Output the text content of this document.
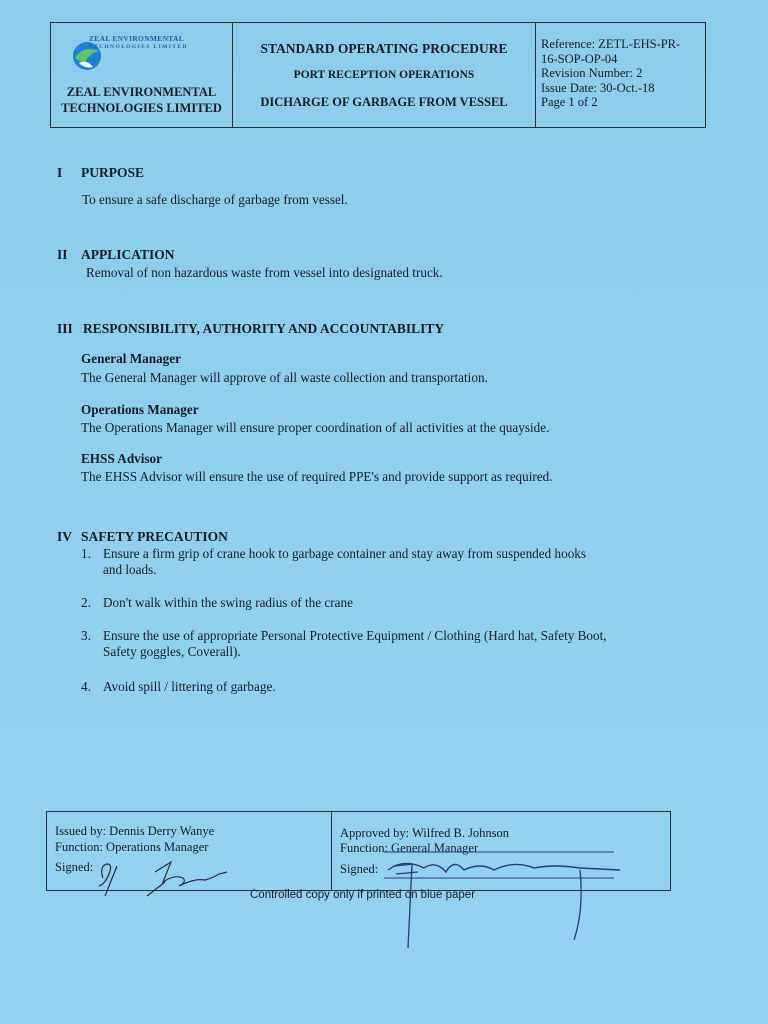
ZEAL ENVIRONMENTAL
TECHNOLOGIES LIMITED
ZEAL ENVIRONMENTAL
TECHNOLOGIES LIMITED
STANDARD OPERATING PROCEDURE
PORT RECEPTION OPERATIONS
DICHARGE OF GARBAGE FROM VESSEL
Reference: ZETL-EHS-PR-
16-SOP-OP-04
Revision Number: 2
Issue Date: 30-Oct.-18
Page 1 of 2
I PURPOSE
To ensure a safe discharge of garbage from vessel.
II APPLICATION
Removal of non hazardous waste from vessel into designated truck.
III RESPONSIBILITY, AUTHORITY AND ACCOUNTABILITY
General Manager
The General Manager will approve of all waste collection and transportation.
Operations Manager
The Operations Manager will ensure proper coordination of all activities at the quayside.
EHSS Advisor
The EHSS Advisor will ensure the use of required PPE's and provide support as required.
IV SAFETY PRECAUTION
1. Ensure a firm grip of crane hook to garbage container and stay away from suspended hooks
and loads.
2. Don't walk within the swing radius of the crane
3. Ensure the use of appropriate Personal Protective Equipment / Clothing (Hard hat, Safety Boot,
Safety goggles, Coverall).
4. Avoid spill / littering of garbage.
Issued by: Dennis Derry Wanye
Function: Operations Manager
Signed:
Approved by: Wilfred B. Johnson
Function: General Manager
Signed:
Controlled copy only if printed on blue paper
